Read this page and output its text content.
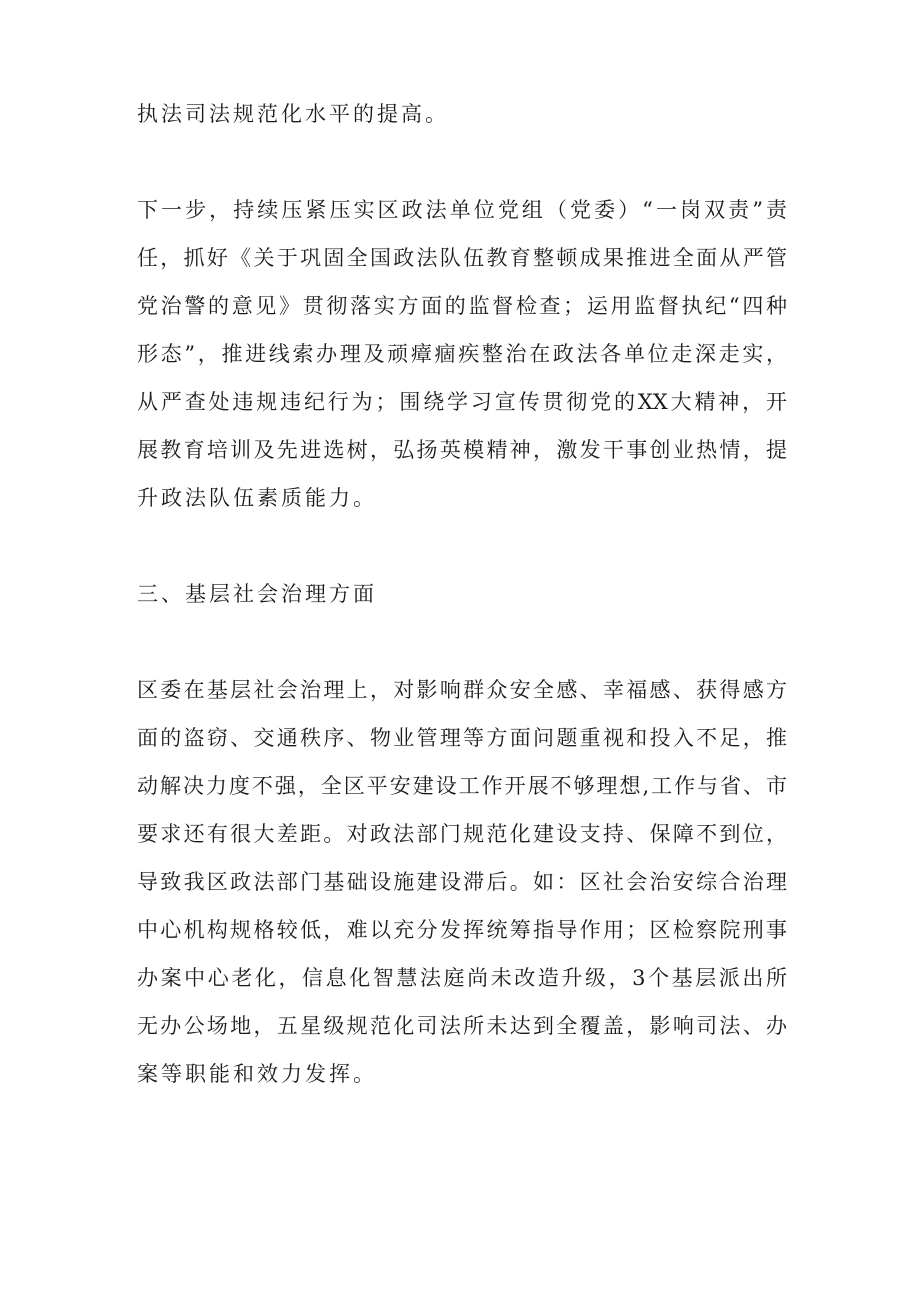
执法司法规范化水平的提高。
下一步，持续压紧压实区政法单位党组（党委）“一岗双责”责
任，抓好《关于巩固全国政法队伍教育整顿成果推进全面从严管
党治警的意见》贯彻落实方面的监督检查；运用监督执纪“四种
形态”，推进线索办理及顽瘴痼疾整治在政法各单位走深走实，
从严查处违规违纪行为；围绕学习宣传贯彻党的XX大精神，开
展教育培训及先进选树，弘扬英模精神，激发干事创业热情，提
升政法队伍素质能力。
三、基层社会治理方面
区委在基层社会治理上，对影响群众安全感、幸福感、获得感方
面的盗窃、交通秩序、物业管理等方面问题重视和投入不足，推
动解决力度不强，全区平安建设工作开展不够理想,工作与省、市
要求还有很大差距。对政法部门规范化建设支持、保障不到位，
导致我区政法部门基础设施建设滞后。如：区社会治安综合治理
中心机构规格较低，难以充分发挥统筹指导作用；区检察院刑事
办案中心老化，信息化智慧法庭尚未改造升级，3个基层派出所
无办公场地，五星级规范化司法所未达到全覆盖，影响司法、办
案等职能和效力发挥。
